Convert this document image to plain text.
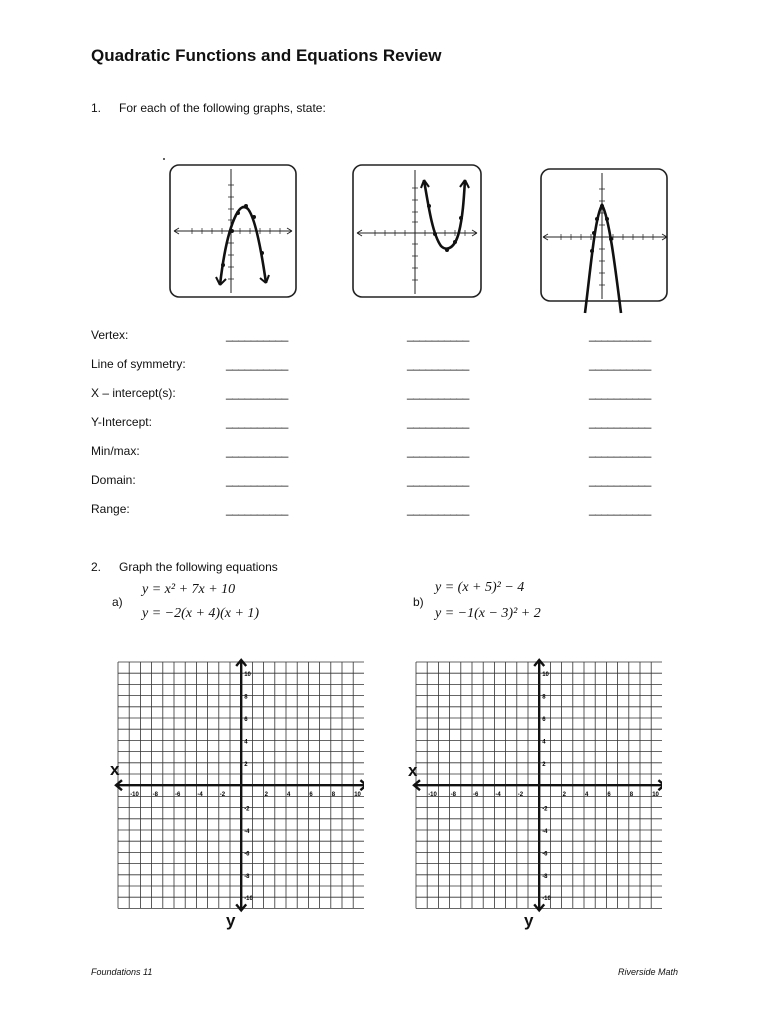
Quadratic Functions and Equations Review
1. For each of the following graphs, state:
Vertex:	__________	__________	__________
Line of symmetry:	__________	__________	__________
X – intercept(s):	__________	__________	__________
Y-Intercept:	__________	__________	__________
Min/max:	__________	__________	__________
Domain:	__________	__________	__________
Range:	__________	__________	__________
2. Graph the following equations
a)
y = x² + 7x + 10
y = −2(x + 4)(x + 1)
b)
y = (x + 5)² − 4
y = −1(x − 3)² + 2
-10 -8	-6	-4	-2	2	4	6	8	10
10
8
6
4
2
-2
-4
-6
-8
-10
x
y
-10 -8	-6	-4	-2	2	4	6	8	10
10
8
6
4
2
-2
-4
-6
-8
-10
x
y
Foundations 11	Riverside Math
